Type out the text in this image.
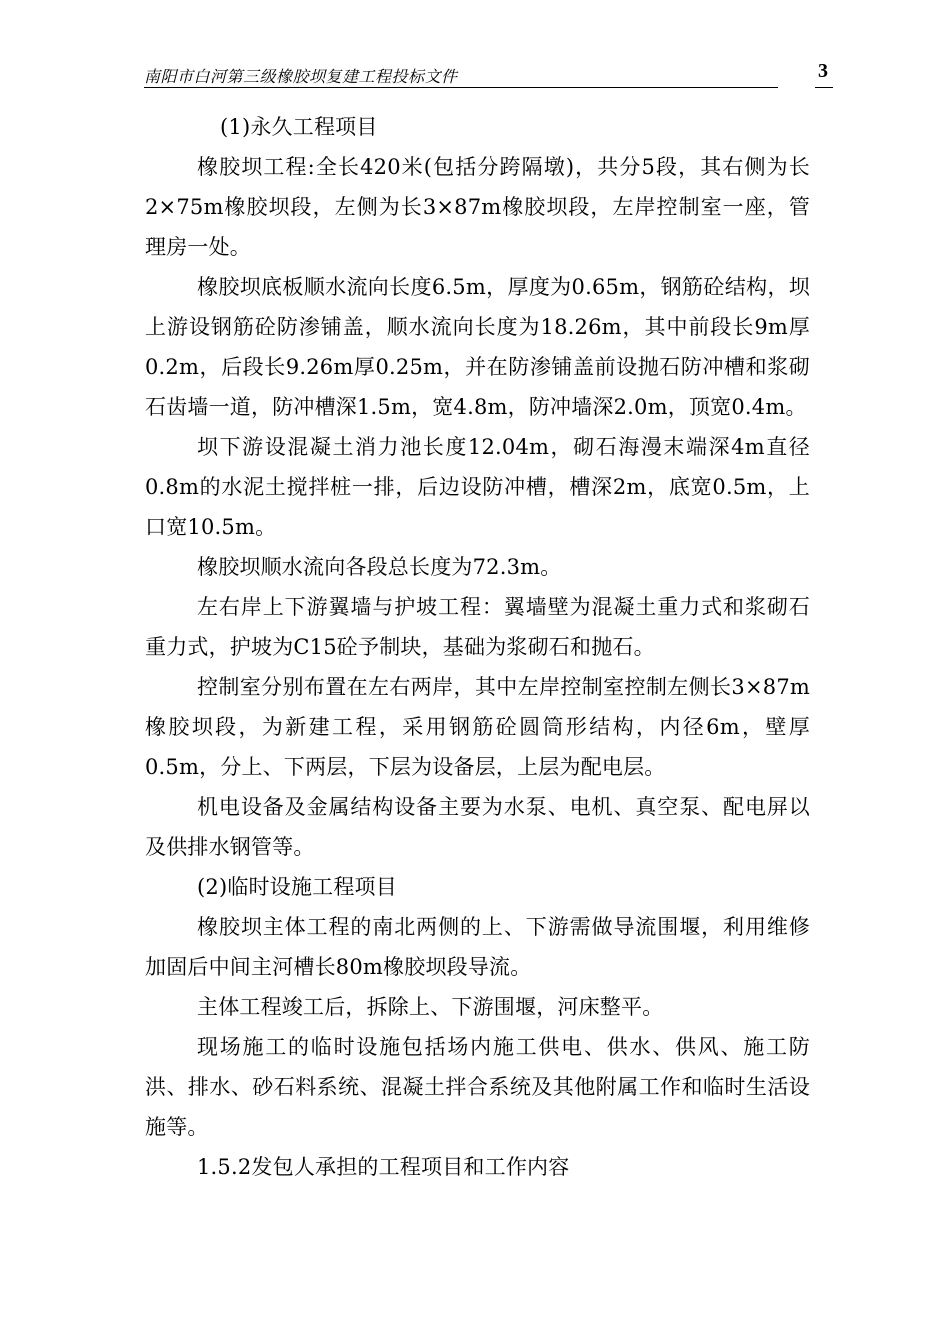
南阳市白河第三级橡胶坝复建工程投标文件	3

(1)永久工程项目

橡胶坝工程:全长420米(包括分跨隔墩)，共分5段，其右侧为长2×75m橡胶坝段，左侧为长3×87m橡胶坝段，左岸控制室一座，管理房一处。

橡胶坝底板顺水流向长度6.5m，厚度为0.65m，钢筋砼结构，坝上游设钢筋砼防渗铺盖，顺水流向长度为18.26m，其中前段长9m厚0.2m，后段长9.26m厚0.25m，并在防渗铺盖前设抛石防冲槽和浆砌石齿墙一道，防冲槽深1.5m，宽4.8m，防冲墙深2.0m，顶宽0.4m。

坝下游设混凝土消力池长度12.04m，砌石海漫末端深4m直径0.8m的水泥土搅拌桩一排，后边设防冲槽，槽深2m，底宽0.5m，上口宽10.5m。

橡胶坝顺水流向各段总长度为72.3m。

左右岸上下游翼墙与护坡工程：翼墙壁为混凝土重力式和浆砌石重力式，护坡为C15砼予制块，基础为浆砌石和抛石。

控制室分别布置在左右两岸，其中左岸控制室控制左侧长3×87m橡胶坝段，为新建工程，采用钢筋砼圆筒形结构，内径6m，壁厚0.5m，分上、下两层，下层为设备层，上层为配电层。

机电设备及金属结构设备主要为水泵、电机、真空泵、配电屏以及供排水钢管等。

(2)临时设施工程项目

橡胶坝主体工程的南北两侧的上、下游需做导流围堰，利用维修加固后中间主河槽长80m橡胶坝段导流。

主体工程竣工后，拆除上、下游围堰，河床整平。

现场施工的临时设施包括场内施工供电、供水、供风、施工防洪、排水、砂石料系统、混凝土拌合系统及其他附属工作和临时生活设施等。

1.5.2发包人承担的工程项目和工作内容
